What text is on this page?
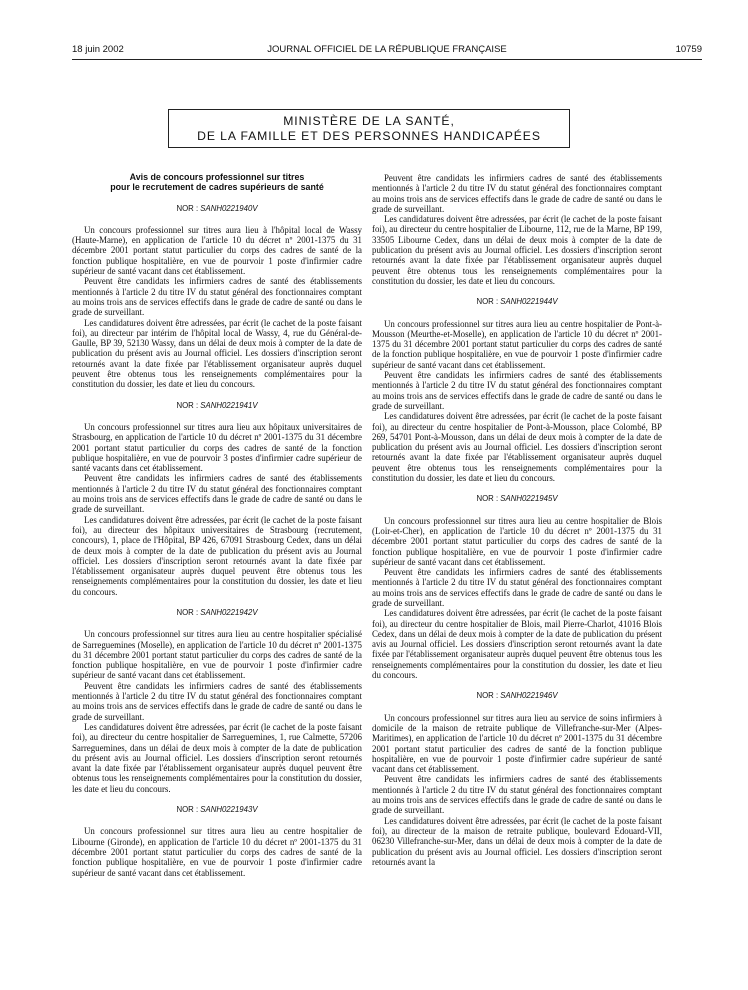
18 juin 2002	JOURNAL OFFICIEL DE LA RÉPUBLIQUE FRANÇAISE	10759
MINISTÈRE DE LA SANTÉ,
DE LA FAMILLE ET DES PERSONNES HANDICAPÉES
Avis de concours professionnel sur titres
pour le recrutement de cadres supérieurs de santé
NOR : SANH0221940V

Un concours professionnel sur titres aura lieu à l'hôpital local de Wassy (Haute-Marne), en application de l'article 10 du décret nº 2001-1375 du 31 décembre 2001 portant statut particulier du corps des cadres de santé de la fonction publique hospitalière, en vue de pourvoir 1 poste d'infirmier cadre supérieur de santé vacant dans cet établissement.

Peuvent être candidats les infirmiers cadres de santé des établissements mentionnés à l'article 2 du titre IV du statut général des fonctionnaires comptant au moins trois ans de services effectifs dans le grade de cadre de santé ou dans le grade de surveillant.

Les candidatures doivent être adressées, par écrit (le cachet de la poste faisant foi), au directeur par intérim de l'hôpital local de Wassy, 4, rue du Général-de-Gaulle, BP 39, 52130 Wassy, dans un délai de deux mois à compter de la date de publication du présent avis au Journal officiel. Les dossiers d'inscription seront retournés avant la date fixée par l'établissement organisateur auprès duquel peuvent être obtenus tous les renseignements complémentaires pour la constitution du dossier, les date et lieu du concours.

NOR : SANH0221941V

Un concours professionnel sur titres aura lieu aux hôpitaux universitaires de Strasbourg, en application de l'article 10 du décret nº 2001-1375 du 31 décembre 2001 portant statut particulier du corps des cadres de santé de la fonction publique hospitalière, en vue de pourvoir 3 postes d'infirmier cadre supérieur de santé vacants dans cet établissement.

Peuvent être candidats les infirmiers cadres de santé des établissements mentionnés à l'article 2 du titre IV du statut général des fonctionnaires comptant au moins trois ans de services effectifs dans le grade de cadre de santé ou dans le grade de surveillant.

Les candidatures doivent être adressées, par écrit (le cachet de la poste faisant foi), au directeur des hôpitaux universitaires de Strasbourg (recrutement, concours), 1, place de l'Hôpital, BP 426, 67091 Strasbourg Cedex, dans un délai de deux mois à compter de la date de publication du présent avis au Journal officiel. Les dossiers d'inscription seront retournés avant la date fixée par l'établissement organisateur auprès duquel peuvent être obtenus tous les renseignements complémentaires pour la constitution du dossier, les date et lieu du concours.

NOR : SANH0221942V

Un concours professionnel sur titres aura lieu au centre hospitalier spécialisé de Sarreguemines (Moselle), en application de l'article 10 du décret nº 2001-1375 du 31 décembre 2001 portant statut particulier du corps des cadres de santé de la fonction publique hospitalière, en vue de pourvoir 1 poste d'infirmier cadre supérieur de santé vacant dans cet établissement.

Peuvent être candidats les infirmiers cadres de santé des établissements mentionnés à l'article 2 du titre IV du statut général des fonctionnaires comptant au moins trois ans de services effectifs dans le grade de cadre de santé ou dans le grade de surveillant.

Les candidatures doivent être adressées, par écrit (le cachet de la poste faisant foi), au directeur du centre hospitalier de Sarreguemines, 1, rue Calmette, 57206 Sarreguemines, dans un délai de deux mois à compter de la date de publication du présent avis au Journal officiel. Les dossiers d'inscription seront retournés avant la date fixée par l'établissement organisateur auprès duquel peuvent être obtenus tous les renseignements complémentaires pour la constitution du dossier, les date et lieu du concours.

NOR : SANH0221943V

Un concours professionnel sur titres aura lieu au centre hospitalier de Libourne (Gironde), en application de l'article 10 du décret nº 2001-1375 du 31 décembre 2001 portant statut particulier du corps des cadres de santé de la fonction publique hospitalière, en vue de pourvoir 1 poste d'infirmier cadre supérieur de santé vacant dans cet établissement.

Peuvent être candidats les infirmiers cadres de santé des établissements mentionnés à l'article 2 du titre IV du statut général des fonctionnaires comptant au moins trois ans de services effectifs dans le grade de cadre de santé ou dans le grade de surveillant.

Les candidatures doivent être adressées, par écrit (le cachet de la poste faisant foi), au directeur du centre hospitalier de Libourne, 112, rue de la Marne, BP 199, 33505 Libourne Cedex, dans un délai de deux mois à compter de la date de publication du présent avis au Journal officiel. Les dossiers d'inscription seront retournés avant la date fixée par l'établissement organisateur auprès duquel peuvent être obtenus tous les renseignements complémentaires pour la constitution du dossier, les date et lieu du concours.

NOR : SANH0221944V

Un concours professionnel sur titres aura lieu au centre hospitalier de Pont-à-Mousson (Meurthe-et-Moselle), en application de l'article 10 du décret nº 2001-1375 du 31 décembre 2001 portant statut particulier du corps des cadres de santé de la fonction publique hospitalière, en vue de pourvoir 1 poste d'infirmier cadre supérieur de santé vacant dans cet établissement.

Peuvent être candidats les infirmiers cadres de santé des établissements mentionnés à l'article 2 du titre IV du statut général des fonctionnaires comptant au moins trois ans de services effectifs dans le grade de cadre de santé ou dans le grade de surveillant.

Les candidatures doivent être adressées, par écrit (le cachet de la poste faisant foi), au directeur du centre hospitalier de Pont-à-Mousson, place Colombé, BP 269, 54701 Pont-à-Mousson, dans un délai de deux mois à compter de la date de publication du présent avis au Journal officiel. Les dossiers d'inscription seront retournés avant la date fixée par l'établissement organisateur auprès duquel peuvent être obtenus tous les renseignements complémentaires pour la constitution du dossier, les date et lieu du concours.

NOR : SANH0221945V

Un concours professionnel sur titres aura lieu au centre hospitalier de Blois (Loir-et-Cher), en application de l'article 10 du décret nº 2001-1375 du 31 décembre 2001 portant statut particulier du corps des cadres de santé de la fonction publique hospitalière, en vue de pourvoir 1 poste d'infirmier cadre supérieur de santé vacant dans cet établissement.

Peuvent être candidats les infirmiers cadres de santé des établissements mentionnés à l'article 2 du titre IV du statut général des fonctionnaires comptant au moins trois ans de services effectifs dans le grade de cadre de santé ou dans le grade de surveillant.

Les candidatures doivent être adressées, par écrit (le cachet de la poste faisant foi), au directeur du centre hospitalier de Blois, mail Pierre-Charlot, 41016 Blois Cedex, dans un délai de deux mois à compter de la date de publication du présent avis au Journal officiel. Les dossiers d'inscription seront retournés avant la date fixée par l'établissement organisateur auprès duquel peuvent être obtenus tous les renseignements complémentaires pour la constitution du dossier, les date et lieu du concours.

NOR : SANH0221946V

Un concours professionnel sur titres aura lieu au service de soins infirmiers à domicile de la maison de retraite publique de Villefranche-sur-Mer (Alpes-Maritimes), en application de l'article 10 du décret nº 2001-1375 du 31 décembre 2001 portant statut particulier des cadres de santé de la fonction publique hospitalière, en vue de pourvoir 1 poste d'infirmier cadre supérieur de santé vacant dans cet établissement.

Peuvent être candidats les infirmiers cadres de santé des établissements mentionnés à l'article 2 du titre IV du statut général des fonctionnaires comptant au moins trois ans de services effectifs dans le grade de cadre de santé ou dans le grade de surveillant.

Les candidatures doivent être adressées, par écrit (le cachet de la poste faisant foi), au directeur de la maison de retraite publique, boulevard Edouard-VII, 06230 Villefranche-sur-Mer, dans un délai de deux mois à compter de la date de publication du présent avis au Journal officiel. Les dossiers d'inscription seront retournés avant la
